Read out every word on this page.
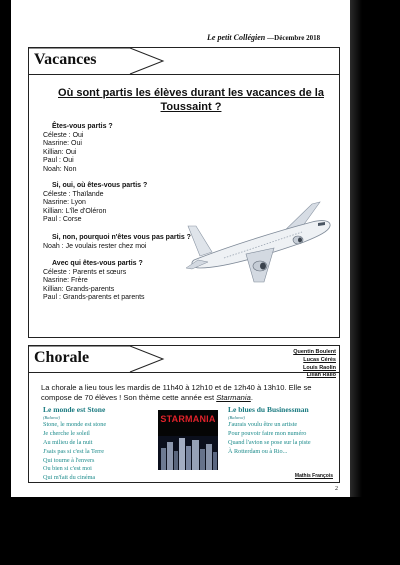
Le petit Collégien —Décembre 2018
Vacances
Où sont partis les élèves durant les vacances de la Toussaint ?
Êtes-vous partis ?
Céleste : Oui
Nasrine: Oui
Killian: Oui
Paul : Oui
Noah: Non
Si, oui, où êtes-vous partis ?
Céleste : Thaïlande
Nasrine: Lyon
Killian: L'île d'Oléron
Paul : Corse
Si, non, pourquoi n'êtes vous pas partis ?
Noah : Je voulais rester chez moi
Avec qui êtes-vous partis ?
Céleste : Parents et sœurs
Nasrine: Frère
Killian: Grands-parents
Paul : Grands-parents et parents
Quentin Boulent
Lucas Cérès
Louis Raolin
Lilian Rallo
Chorale
La chorale a lieu tous les mardis de 11h40 à 12h10 et de 12h40 à 13h10. Elle se compose de 70 élèves ! Son thème cette année est Starmania.
Le monde est Stone
(Balavoi)
Stone, le monde est stone
Je cherche le soleil
Au milieu de la nuit
J'sais pas si c'est la Terre
Qui tourne à l'envers
Ou bien si c'est moi
Qui m'fait du cinéma
STARMANIA
Le blues du Businessman
(Balavoi)
J'aurais voulu être un artiste
Pour pouvoir faire mon numéro
Quand l'avion se pose sur la piste
À Rotterdam ou à Rio...
Mathis François
2
